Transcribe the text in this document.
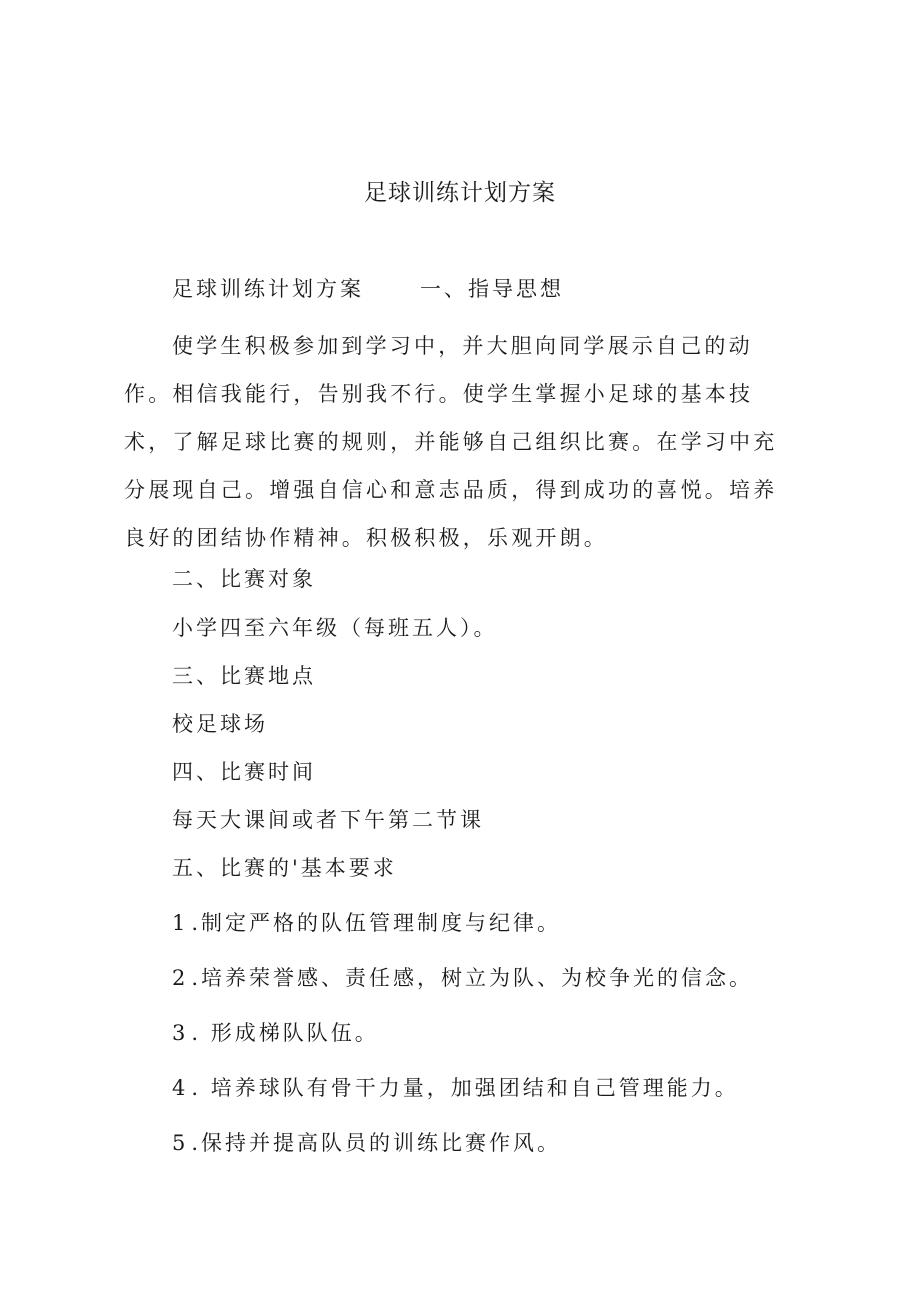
足球训练计划方案
足球训练计划方案	一、指导思想
使学生积极参加到学习中，并大胆向同学展示自己的动作。相信我能行，告别我不行。使学生掌握小足球的基本技术，了解足球比赛的规则，并能够自己组织比赛。在学习中充分展现自己。增强自信心和意志品质，得到成功的喜悦。培养良好的团结协作精神。积极积极，乐观开朗。
二、比赛对象
小学四至六年级（每班五人）。
三、比赛地点
校足球场
四、比赛时间
每天大课间或者下午第二节课
五、比赛的'基本要求
1 .制定严格的队伍管理制度与纪律。
2 .培养荣誉感、责任感，树立为队、为校争光的信念。
3 . 形成梯队队伍。
4 . 培养球队有骨干力量，加强团结和自己管理能力。
5 .保持并提高队员的训练比赛作风。
